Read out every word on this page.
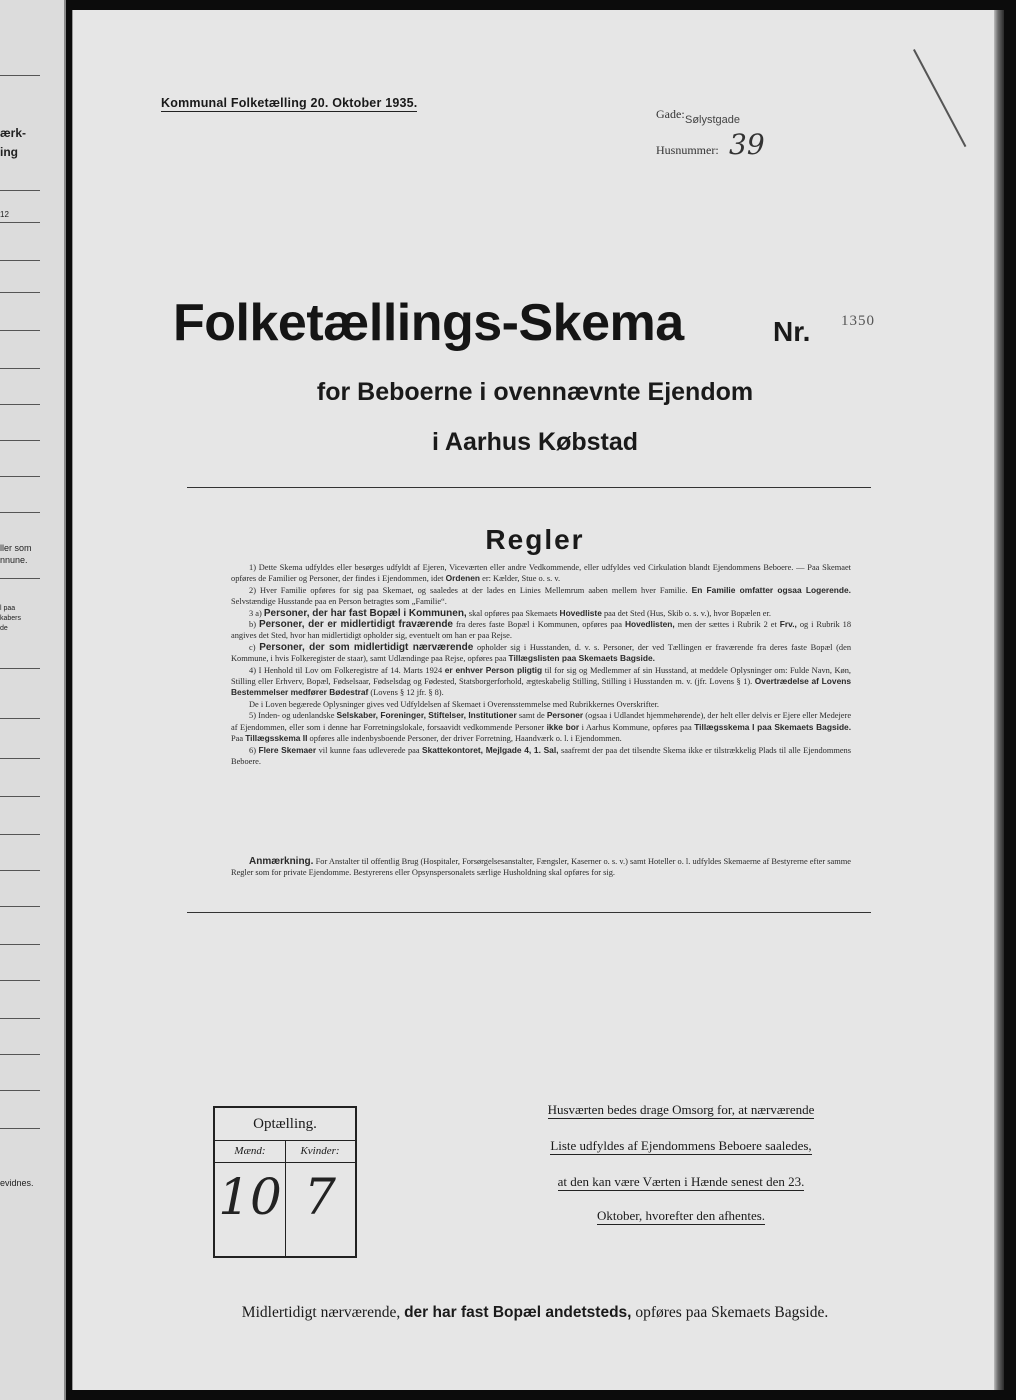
ærk-
ing
12
ller som
nnune.
l paa
kabers
de
evidnes.
Kommunal Folketælling 20. Oktober 1935.
Gade: Sølystgade
Husnummer: 39
Folketællings-Skema	Nr. 1350
for Beboerne i ovennævnte Ejendom
i Aarhus Købstad
Regler

1) Dette Skema udfyldes eller besørges udfyldt af Ejeren, Viceværten eller andre Vedkommende, eller udfyldes ved Cirkulation blandt Ejendommens Beboere. — Paa Skemaet opføres de Familier og Personer, der findes i Ejendommen, idet Ordenen er: Kælder, Stue o. s. v.

2) Hver Familie opføres for sig paa Skemaet, og saaledes at der lades en Linies Mellemrum aaben mellem hver Familie. En Familie omfatter ogsaa Logerende. Selvstændige Husstande paa en Person betragtes som „Familie“.

3 a) Personer, der har fast Bopæl i Kommunen, skal opføres paa Skemaets Hovedliste paa det Sted (Hus, Skib o. s. v.), hvor Bopælen er.

b) Personer, der er midlertidigt fraværende fra deres faste Bopæl i Kommunen, opføres paa Hovedlisten, men der sættes i Rubrik 2 et Frv., og i Rubrik 18 angives det Sted, hvor han midlertidigt opholder sig, eventuelt om han er paa Rejse.

c) Personer, der som midlertidigt nærværende opholder sig i Husstanden, d. v. s. Personer, der ved Tællingen er fraværende fra deres faste Bopæl (den Kommune, i hvis Folkeregister de staar), samt Udlændinge paa Rejse, opføres paa Tillægslisten paa Skemaets Bagside.

4) I Henhold til Lov om Folkeregistre af 14. Marts 1924 er enhver Person pligtig til for sig og Medlemmer af sin Husstand, at meddele Oplysninger om: Fulde Navn, Køn, Stilling eller Erhverv, Bopæl, Fødselsaar, Fødselsdag og Fødested, Statsborgerforhold, ægteskabelig Stilling, Stilling i Husstanden m. v. (jfr. Lovens § 1). Overtrædelse af Lovens Bestemmelser medfører Bødestraf (Lovens § 12 jfr. § 8).

De i Loven begærede Oplysninger gives ved Udfyldelsen af Skemaet i Overensstemmelse med Rubrikkernes Overskrifter.

5) Inden- og udenlandske Selskaber, Foreninger, Stiftelser, Institutioner samt de Personer (ogsaa i Udlandet hjemmehørende), der helt eller delvis er Ejere eller Medejere af Ejendommen, eller som i denne har Forretningslokale, forsaavidt vedkommende Personer ikke bor i Aarhus Kommune, opføres paa Tillægsskema I paa Skemaets Bagside. Paa Tillægsskema II opføres alle indenbysboende Personer, der driver Forretning, Haandværk o. l. i Ejendommen.

6) Flere Skemaer vil kunne faas udleverede paa Skattekontoret, Mejlgade 4, 1. Sal, saafremt der paa det tilsendte Skema ikke er tilstrækkelig Plads til alle Ejendommens Beboere.

Anmærkning. For Anstalter til offentlig Brug (Hospitaler, Forsørgelsesanstalter, Fængsler, Kaserner o. s. v.) samt Hoteller o. l. udfyldes Skemaerne af Bestyrerne efter samme Regler som for private Ejendomme. Bestyrerens eller Opsynspersonalets særlige Husholdning skal opføres for sig.

Optælling.
Mænd:	Kvinder:
10 7
Husværten bedes drage Omsorg for, at nærværende
Liste udfyldes af Ejendommens Beboere saaledes,
at den kan være Værten i Hænde senest den 23.
Oktober, hvorefter den afhentes.
Midlertidigt nærværende, der har fast Bopæl andetsteds, opføres paa Skemaets Bagside.
